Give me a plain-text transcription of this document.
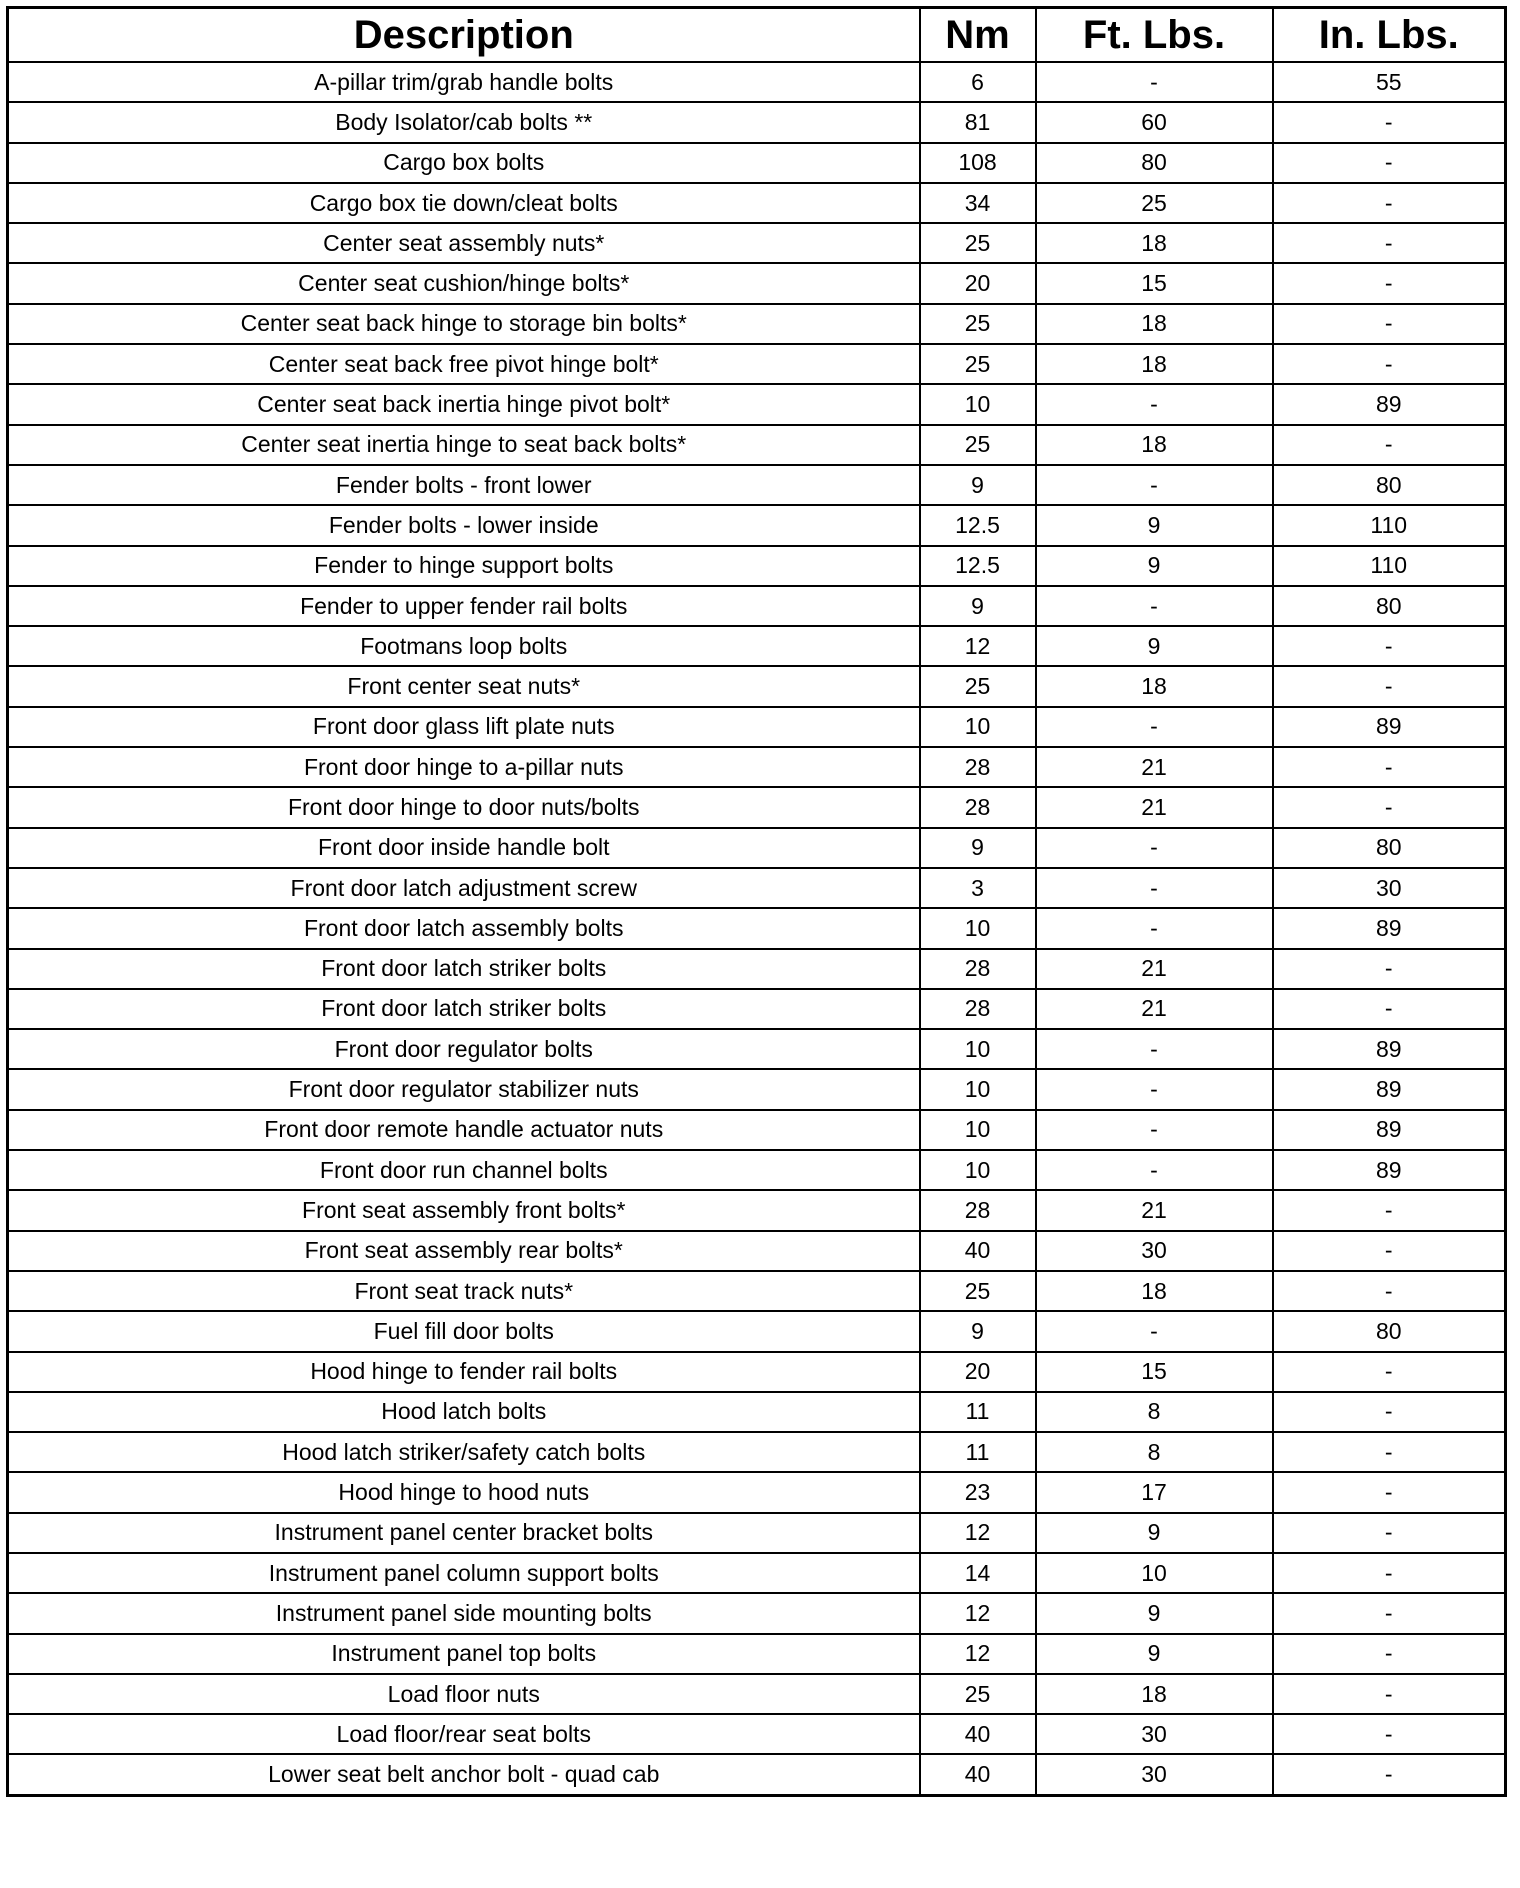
Description	Nm	Ft. Lbs.	In. Lbs.
A-pillar trim/grab handle bolts	6	-	55
Body Isolator/cab bolts **	81	60	-
Cargo box bolts	108	80	-
Cargo box tie down/cleat bolts	34	25	-
Center seat assembly nuts*	25	18	-
Center seat cushion/hinge bolts*	20	15	-
Center seat back hinge to storage bin bolts*	25	18	-
Center seat back free pivot hinge bolt*	25	18	-
Center seat back inertia hinge pivot bolt*	10	-	89
Center seat inertia hinge to seat back bolts*	25	18	-
Fender bolts - front lower	9	-	80
Fender bolts - lower inside	12.5	9	110
Fender to hinge support bolts	12.5	9	110
Fender to upper fender rail bolts	9	-	80
Footmans loop bolts	12	9	-
Front center seat nuts*	25	18	-
Front door glass lift plate nuts	10	-	89
Front door hinge to a-pillar nuts	28	21	-
Front door hinge to door nuts/bolts	28	21	-
Front door inside handle bolt	9	-	80
Front door latch adjustment screw	3	-	30
Front door latch assembly bolts	10	-	89
Front door latch striker bolts	28	21	-
Front door latch striker bolts	28	21	-
Front door regulator bolts	10	-	89
Front door regulator stabilizer nuts	10	-	89
Front door remote handle actuator nuts	10	-	89
Front door run channel bolts	10	-	89
Front seat assembly front bolts*	28	21	-
Front seat assembly rear bolts*	40	30	-
Front seat track nuts*	25	18	-
Fuel fill door bolts	9	-	80
Hood hinge to fender rail bolts	20	15	-
Hood latch bolts	11	8	-
Hood latch striker/safety catch bolts	11	8	-
Hood hinge to hood nuts	23	17	-
Instrument panel center bracket bolts	12	9	-
Instrument panel column support bolts	14	10	-
Instrument panel side mounting bolts	12	9	-
Instrument panel top bolts	12	9	-
Load floor nuts	25	18	-
Load floor/rear seat bolts	40	30	-
Lower seat belt anchor bolt - quad cab	40	30	-
